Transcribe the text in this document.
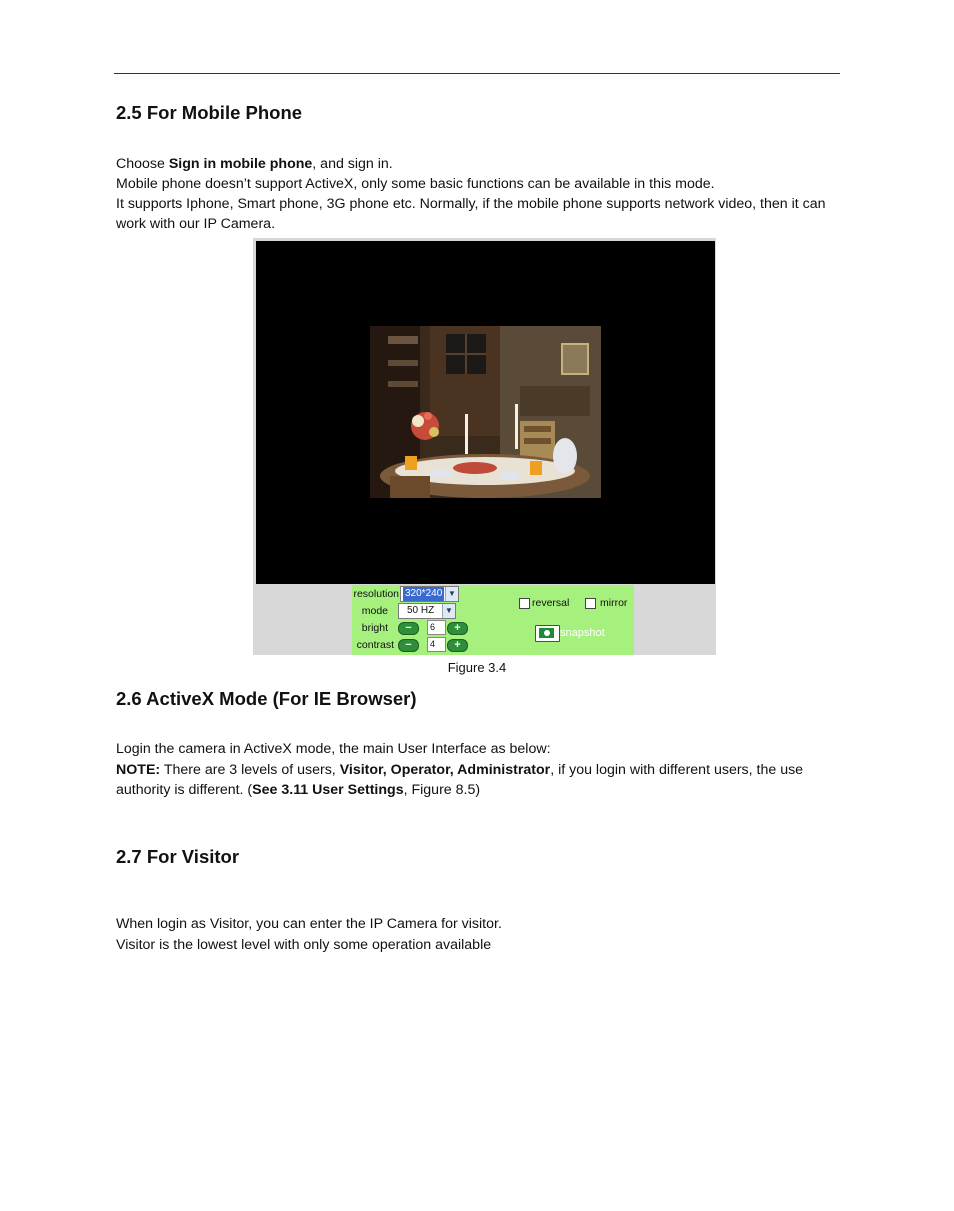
2.5 For Mobile Phone

Choose Sign in mobile phone, and sign in.

Mobile phone doesn’t support ActiveX, only some basic functions can be available in this mode.

It supports Iphone, Smart phone, 3G phone etc. Normally, if the mobile phone supports network video, then it can work with our IP Camera.

resolution 320*240 ▼
mode 50 HZ	▼
bright	−	6	+
contrast	−	4	+
reversal	mirror
snapshot
Figure 3.4
2.6 ActiveX Mode (For IE Browser)

Login the camera in ActiveX mode, the main User Interface as below:

NOTE: There are 3 levels of users, Visitor, Operator, Administrator, if you login with different users, the use authority is different. (See 3.11 User Settings, Figure 8.5)

2.7 For Visitor

When login as Visitor, you can enter the IP Camera for visitor.

Visitor is the lowest level with only some operation available
